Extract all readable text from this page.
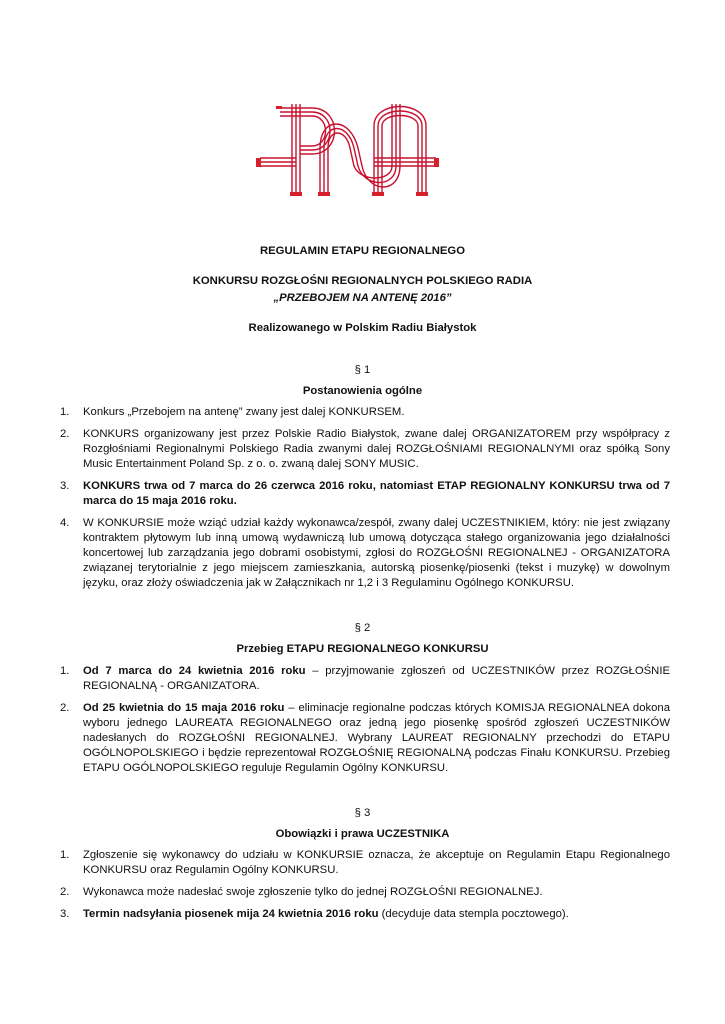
REGULAMIN ETAPU REGIONALNEGO
KONKURSU ROZGŁOŚNI REGIONALNYCH POLSKIEGO RADIA
„PRZEBOJEM NA ANTENĘ 2016”
Realizowanego w Polskim Radiu Białystok
§ 1
Postanowienia ogólne
1. Konkurs „Przebojem na antenę” zwany jest dalej KONKURSEM.
2. KONKURS organizowany jest przez Polskie Radio Białystok, zwane dalej ORGANIZATOREM przy współpracy z Rozgłośniami Regionalnymi Polskiego Radia zwanymi dalej ROZGŁOŚNIAMI REGIONALNYMI oraz spółką Sony Music Entertainment Poland Sp. z o. o. zwaną dalej SONY MUSIC.
3. KONKURS trwa od 7 marca do 26 czerwca 2016 roku, natomiast ETAP REGIONALNY KONKURSU trwa od 7 marca do 15 maja 2016 roku.
4. W KONKURSIE może wziąć udział każdy wykonawca/zespół, zwany dalej UCZESTNIKIEM, który: nie jest związany kontraktem płytowym lub inną umową wydawniczą lub umową dotycząca stałego organizowania jego działalności koncertowej lub zarządzania jego dobrami osobistymi, zgłosi do ROZGŁOŚNI REGIONALNEJ - ORGANIZATORA związanej terytorialnie z jego miejscem zamieszkania, autorską piosenkę/piosenki (tekst i muzykę) w dowolnym języku, oraz złoży oświadczenia jak w Załącznikach nr 1,2 i 3 Regulaminu Ogólnego KONKURSU.
§ 2
Przebieg ETAPU REGIONALNEGO KONKURSU
1. Od 7 marca do 24 kwietnia 2016 roku – przyjmowanie zgłoszeń od UCZESTNIKÓW przez ROZGŁOŚNIE REGIONALNĄ - ORGANIZATORA.
2. Od 25 kwietnia do 15 maja 2016 roku – eliminacje regionalne podczas których KOMISJA REGIONALNEA dokona wyboru jednego LAUREATA REGIONALNEGO oraz jedną jego piosenkę spośród zgłoszeń UCZESTNIKÓW nadesłanych do ROZGŁOŚNI REGIONALNEJ. Wybrany LAUREAT REGIONALNY przechodzi do ETAPU OGÓLNOPOLSKIEGO i będzie reprezentował ROZGŁOŚNIĘ REGIONALNĄ podczas Finału KONKURSU. Przebieg ETAPU OGÓLNOPOLSKIEGO reguluje Regulamin Ogólny KONKURSU.
§ 3
Obowiązki i prawa UCZESTNIKA
1. Zgłoszenie się wykonawcy do udziału w KONKURSIE oznacza, że akceptuje on Regulamin Etapu Regionalnego KONKURSU oraz Regulamin Ogólny KONKURSU.
2. Wykonawca może nadesłać swoje zgłoszenie tylko do jednej ROZGŁOŚNI REGIONALNEJ.
3. Termin nadsyłania piosenek mija 24 kwietnia 2016 roku (decyduje data stempla pocztowego).
